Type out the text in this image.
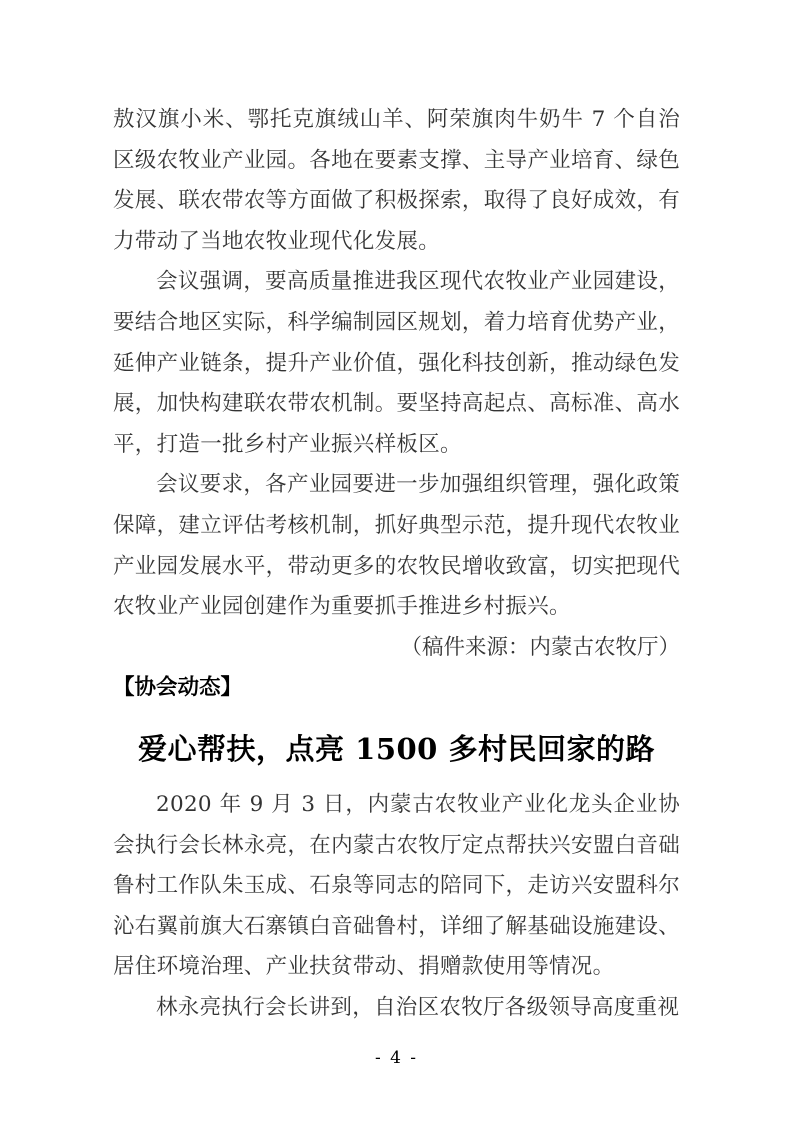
敖汉旗小米、鄂托克旗绒山羊、阿荣旗肉牛奶牛 7 个自治区级农牧业产业园。各地在要素支撑、主导产业培育、绿色发展、联农带农等方面做了积极探索，取得了良好成效，有力带动了当地农牧业现代化发展。

会议强调，要高质量推进我区现代农牧业产业园建设，要结合地区实际，科学编制园区规划，着力培育优势产业，延伸产业链条，提升产业价值，强化科技创新，推动绿色发展，加快构建联农带农机制。要坚持高起点、高标准、高水平，打造一批乡村产业振兴样板区。

会议要求，各产业园要进一步加强组织管理，强化政策保障，建立评估考核机制，抓好典型示范，提升现代农牧业产业园发展水平，带动更多的农牧民增收致富，切实把现代农牧业产业园创建作为重要抓手推进乡村振兴。

（稿件来源：内蒙古农牧厅）

【协会动态】

爱心帮扶，点亮 1500 多村民回家的路

2020 年 9 月 3 日，内蒙古农牧业产业化龙头企业协会执行会长林永亮，在内蒙古农牧厅定点帮扶兴安盟白音础鲁村工作队朱玉成、石泉等同志的陪同下，走访兴安盟科尔沁右翼前旗大石寨镇白音础鲁村，详细了解基础设施建设、居住环境治理、产业扶贫带动、捐赠款使用等情况。

林永亮执行会长讲到，自治区农牧厅各级领导高度重视

- 4 -
